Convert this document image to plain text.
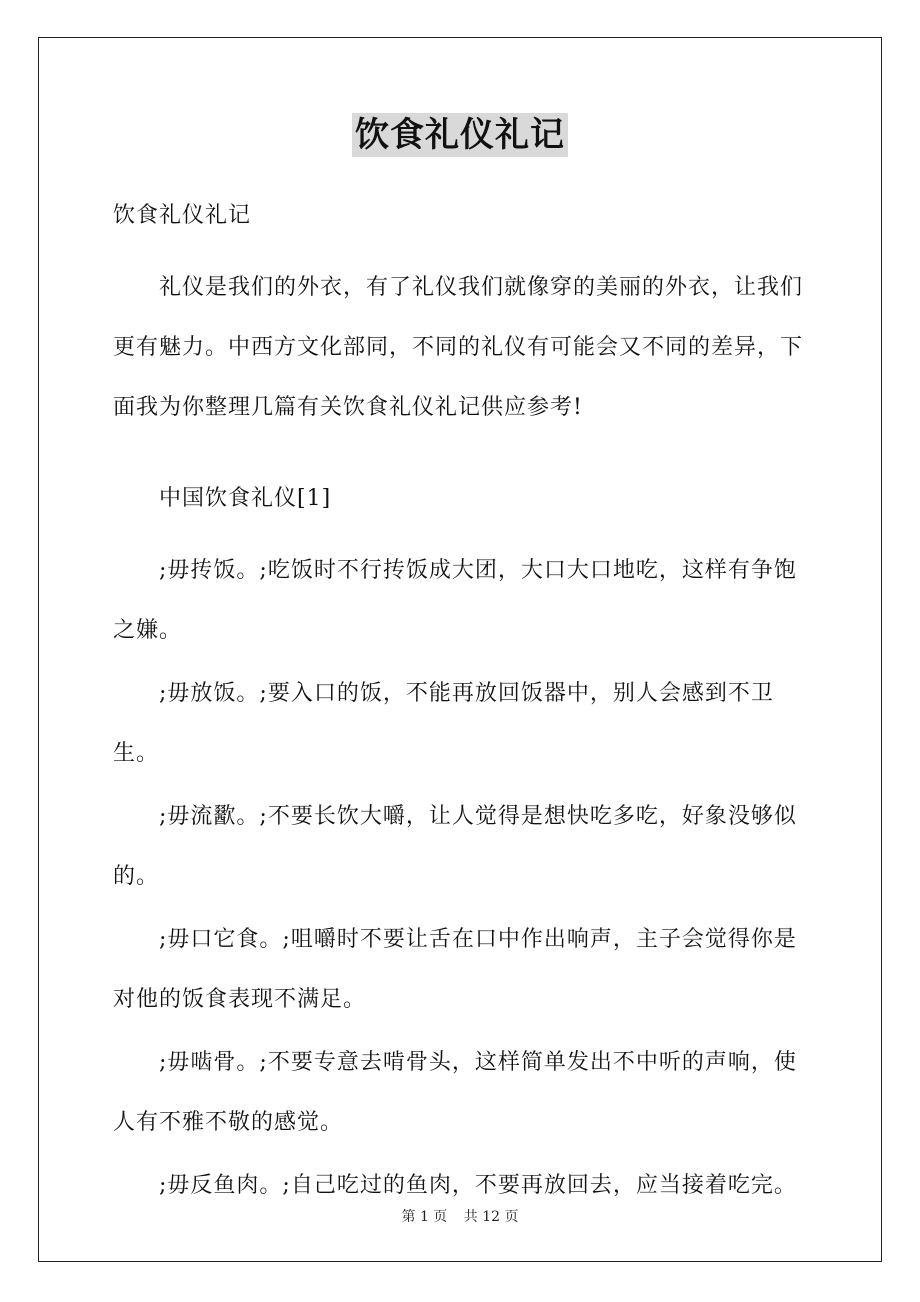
饮食礼仪礼记

饮食礼仪礼记

礼仪是我们的外衣，有了礼仪我们就像穿的美丽的外衣，让我们更有魅力。中西方文化部同，不同的礼仪有可能会又不同的差异，下面我为你整理几篇有关饮食礼仪礼记供应参考!

中国饮食礼仪[1]

;毋抟饭。;吃饭时不行抟饭成大团，大口大口地吃，这样有争饱之嫌。

;毋放饭。;要入口的饭，不能再放回饭器中，别人会感到不卫生。

;毋流歠。;不要长饮大嚼，让人觉得是想快吃多吃，好象没够似的。

;毋口它食。;咀嚼时不要让舌在口中作出响声，主子会觉得你是对他的饭食表现不满足。

;毋啮骨。;不要专意去啃骨头，这样简单发出不中听的声响，使人有不雅不敬的感觉。

;毋反鱼肉。;自己吃过的鱼肉，不要再放回去，应当接着吃完。

第 1 页 共 12 页
